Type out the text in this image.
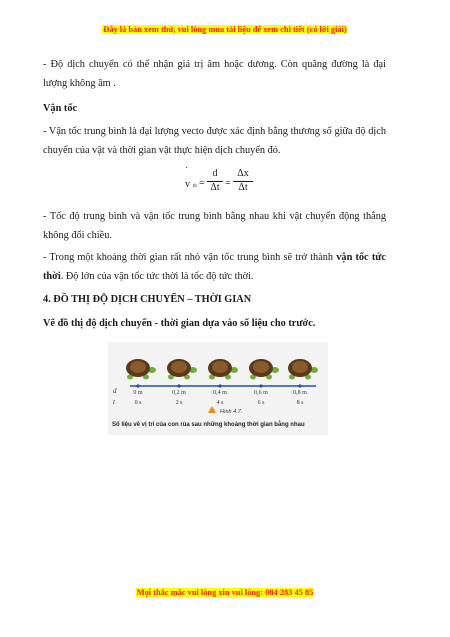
Đây là bản xem thử, vui lòng mua tài liệu để xem chi tiết (có lời giải)
- Độ dịch chuyển có thể nhận giá trị âm hoặc dương. Còn quãng đường là đại lượng không âm .
Vận tốc
- Vận tốc trung bình là đại lượng vecto được xác định bằng thương số giữa độ dịch chuyển của vật và thời gian vật thực hiện dịch chuyển đó.
˙
v tb =
d
Δt =
Δx
Δt
- Tốc độ trung bình và vận tốc trung bình bằng nhau khi vật chuyển động thẳng không đổi chiều.
- Trong một khoảng thời gian rất nhỏ vận tốc trung bình sẽ trở thành vận tốc tức thời. Độ lớn của vận tốc tức thời là tốc độ tức thời.
4. ĐỒ THỊ ĐỘ DỊCH CHUYỂN – THỜI GIAN
Vẽ đồ thị độ dịch chuyển - thời gian dựa vào số liệu cho trước.
d
t
0 m	0,2 m	0,4 m	0,6 m	0,8 m
0 s	2 s	4 s	6 s	8 s
Hình 4.7.
Số liệu về vị trí của con rùa sau những khoảng thời gian bằng nhau
Mọi thắc mắc vui lòng xin vui lòng: 084 283 45 85
